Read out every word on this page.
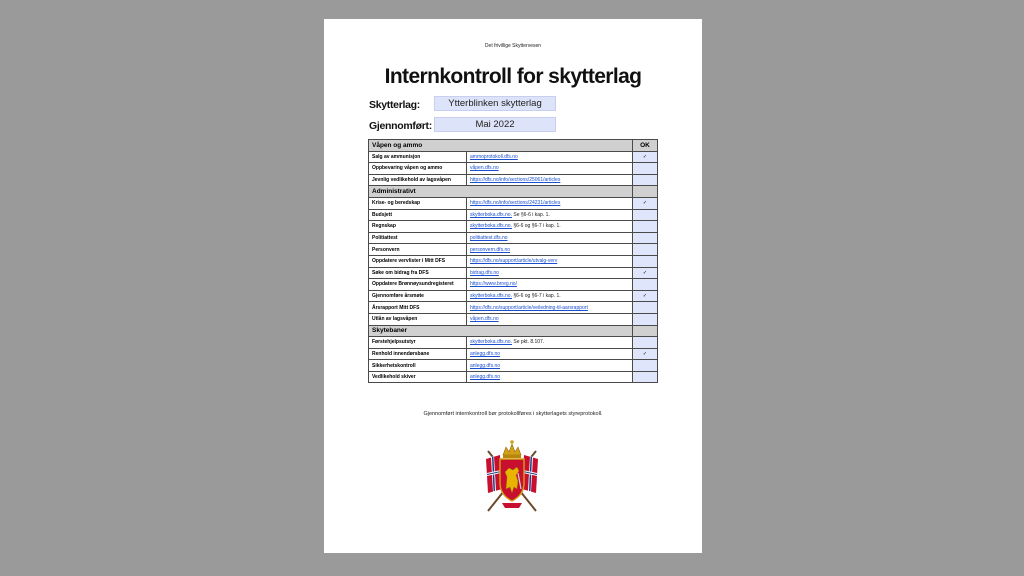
Det frivillige Skyttervesen
Internkontroll for skytterlag
Skytterlag:	Ytterblinken skytterlag
Gjennomført:	Mai 2022
Våpen og ammo		OK
Salg av ammunisjon	ammoprotokoll.dfs.no	✓
Oppbevaring våpen og ammo	våpen.dfs.no	
Jevnlig vedlikehold av lagsvåpen	https://dfs.no/info/sections/25061/articles	
Administrativt		
Krise- og beredskap	https://dfs.no/info/sections/24231/articles	✓
Budsjett	skytterboka.dfs.no. Se §6-6 i kap. 1.	
Regnskap	skytterboka.dfs.no. §6-6 og §6-7 i kap. 1.	
Politiattest	politiattest.dfs.no	
Personvern	personvern.dfs.no	
Oppdatere vervlister i Mitt DFS	https://dfs.no/support/article/utvalg-verv	
Søke om bidrag fra DFS	bidrag.dfs.no	✓
Oppdatere Brønnøysundregisteret	https://www.brreg.no/	
Gjennomføre årsmøte	skytterboka.dfs.no. §6-6 og §6-7 i kap. 1.	✓
Årsrapport Mitt DFS	https://dfs.no/support/article/veiledning-til-aarsrapport	
Utlån av lagsvåpen	våpen.dfs.no	
Skytebaner		
Førstehjelpsutstyr	skytterboka.dfs.no. Se pkt. 8.107.	
Renhold innendørsbane	anlegg.dfs.no	✓
Sikkerhetskontroll	anlegg.dfs.no	
Vedlikehold skiver	anlegg.dfs.no	
Gjennomført internkontroll bør protokollføres i skytterlagets styreprotokoll.
